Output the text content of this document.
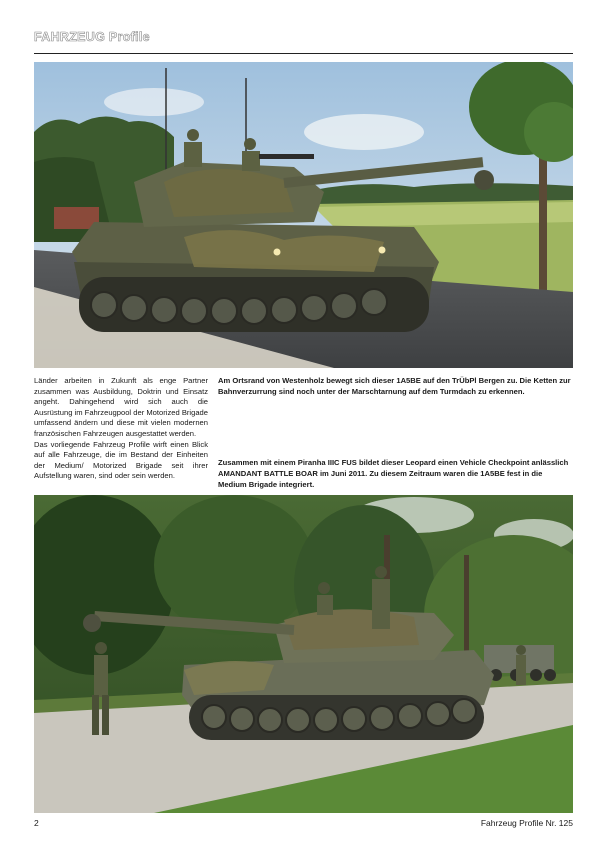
FAHRZEUG Profile

Länder arbeiten in Zukunft als enge Partner zusammen was Ausbildung, Doktrin und Einsatz angeht. Dahingehend wird sich auch die Ausrüstung im Fahrzeugpool der Motorized Brigade umfassend ändern und diese mit vielen modernen französischen Fahrzeugen ausgestattet werden.

Das vorliegende Fahrzeug Profile wirft einen Blick auf alle Fahrzeuge, die im Bestand der Einheiten der Medium/ Motorized Brigade seit ihrer Aufstellung waren, sind oder sein werden.

Am Ortsrand von Westenholz bewegt sich dieser 1A5BE auf den TrÜbPl Bergen zu. Die Ketten zur Bahnverzurrung sind noch unter der Marschtarnung auf dem Turmdach zu erkennen.
Zusammen mit einem Piranha IIIC FUS bildet dieser Leopard einen Vehicle Checkpoint anlässlich AMANDANT BATTLE BOAR im Juni 2011. Zu diesem Zeitraum waren die 1A5BE fest in die Medium Brigade integriert.
2	Fahrzeug Profile Nr. 125
